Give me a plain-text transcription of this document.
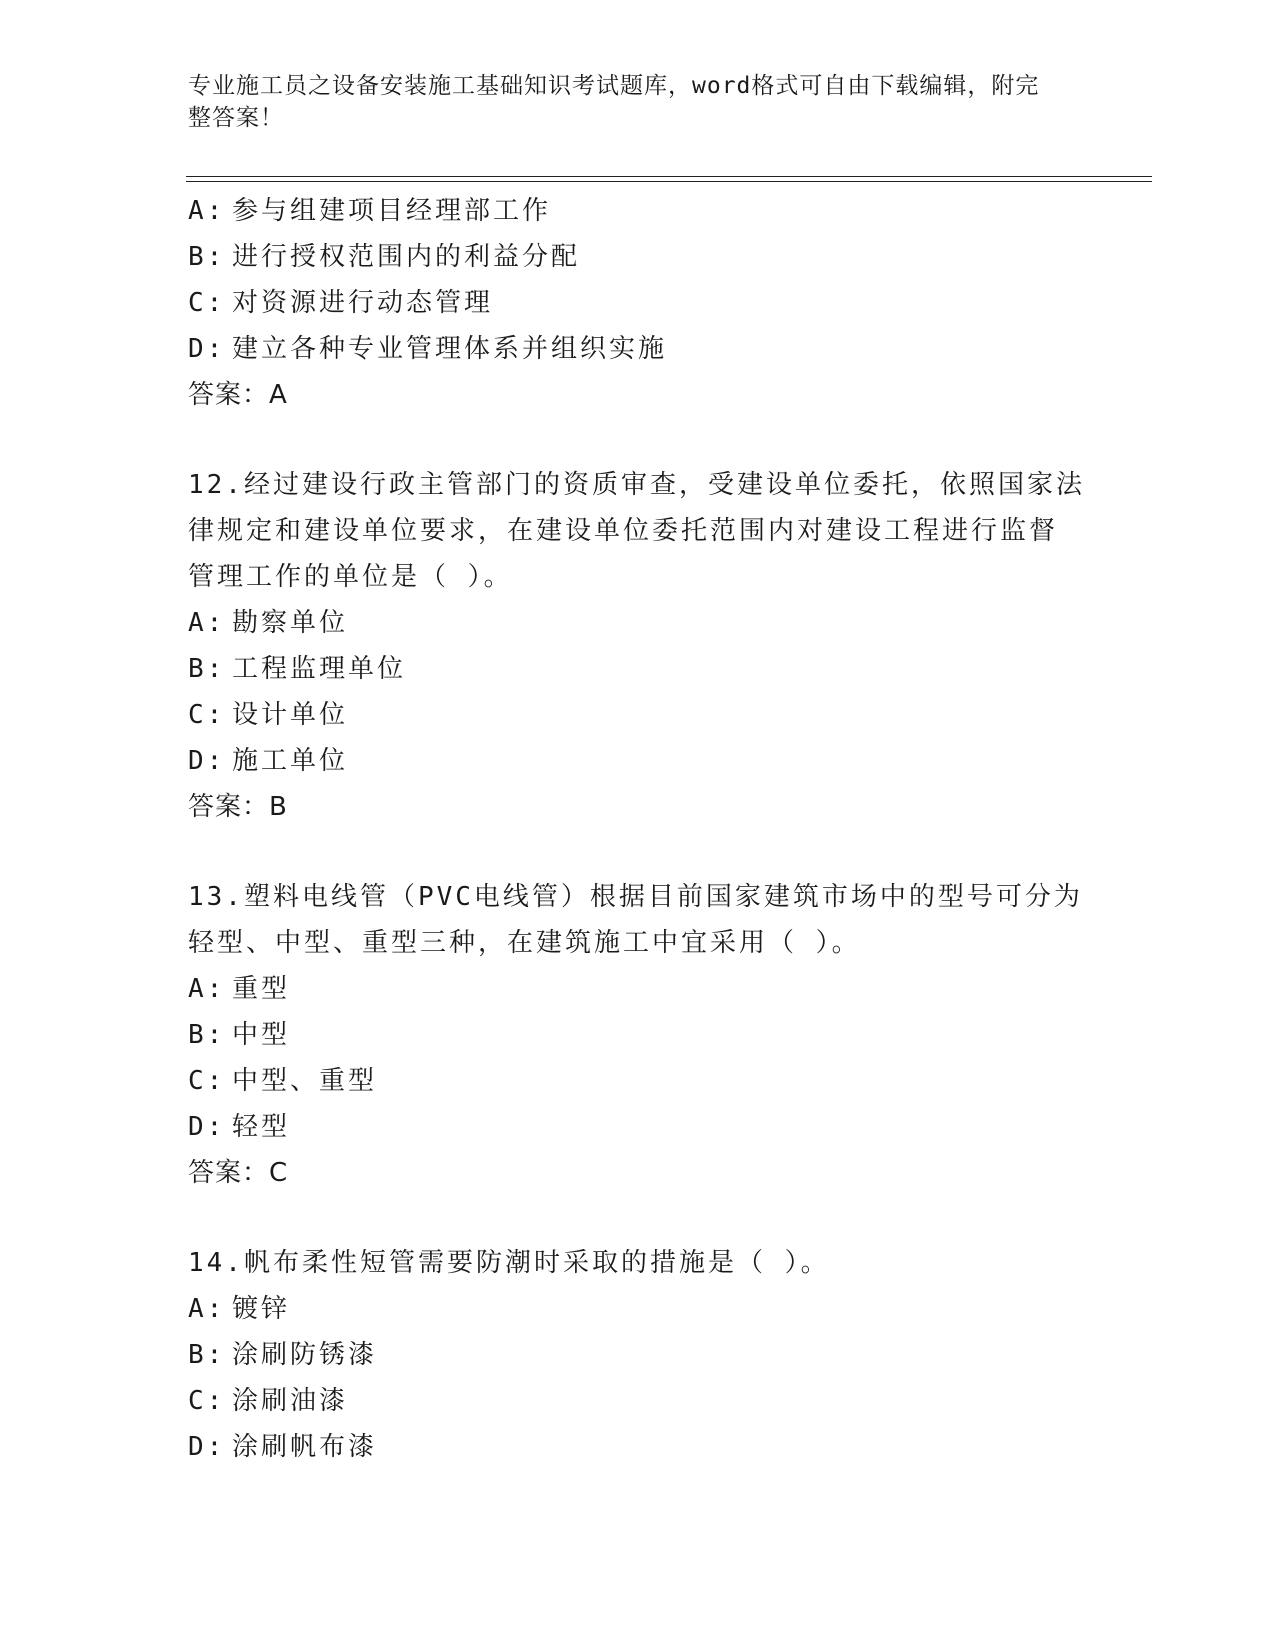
专业施工员之设备安装施工基础知识考试题库，word格式可自由下载编辑，附完
整答案！
A: 参与组建项目经理部工作
B: 进行授权范围内的利益分配
C: 对资源进行动态管理
D: 建立各种专业管理体系并组织实施
答案：A
12.经过建设行政主管部门的资质审查，受建设单位委托，依照国家法
律规定和建设单位要求，在建设单位委托范围内对建设工程进行监督
管理工作的单位是（ ）。
A: 勘察单位
B: 工程监理单位
C: 设计单位
D: 施工单位
答案：B
13.塑料电线管（PVC电线管）根据目前国家建筑市场中的型号可分为
轻型、中型、重型三种，在建筑施工中宜采用（ ）。
A: 重型
B: 中型
C: 中型、重型
D: 轻型
答案：C
14.帆布柔性短管需要防潮时采取的措施是（ ）。
A: 镀锌
B: 涂刷防锈漆
C: 涂刷油漆
D: 涂刷帆布漆
